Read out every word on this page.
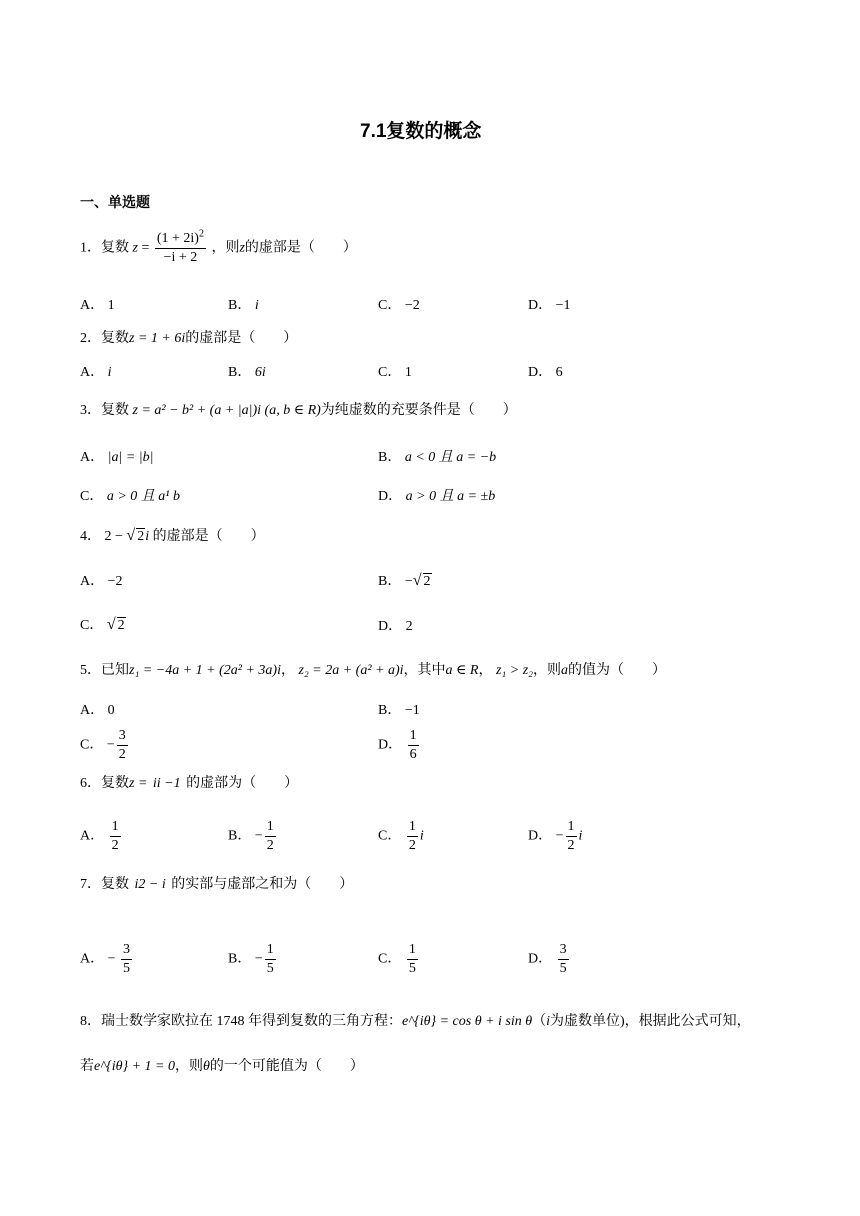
7.1复数的概念
一、单选题
1．复数 $z = \frac{(1 + 2i)^2}{-i + 2}$ ，则z的虚部是（　　）
A． 1	B． i	C． −2	D． −1
2．复数z = 1 + 6i的虚部是（　　）
A． i	B． 6i	C． 1	D． 6
3．复数 z = a² − b² + (a + |a|)i (a, b ∈ R)为纯虚数的充要条件是（　　）
A． |a| = |b|	B． a < 0 且 a = −b
C． a > 0 且 a¹ b	D． a > 0 且 a = ±b
4． 2 − √ 2i 的虚部是（　　）
A． −2	B． −√ 2
C． √ 2	D． 2
5．已知z₁ = −4a + 1 + (2a² + 3a)i， z₂ = 2a + (a² + a)i，其中a ∈ R， z₁ > z₂，则a的值为（　　）
A． 0	B． −1
C． − $\frac{3}{2}$	D． $\frac{1}{6}$
6．复数z = ii −1 的虚部为（　　）
A． $\frac{1}{2}$	B． − $\frac{1}{2}$	C． $\frac{1}{2}$ i	D． − $\frac{1}{2}$ i
7．复数 i2 − i 的实部与虚部之和为（　　）
A． − $\frac{3}{5}$	B． − $\frac{1}{5}$	C． $\frac{1}{5}$	D． $\frac{3}{5}$
8．瑞士数学家欧拉在 1748 年得到复数的三角方程：e^{iθ} = cos θ + i sin θ（i为虚数单位)，根据此公式可知，
若e^{iθ} + 1 = 0，则θ的一个可能值为（　　）
